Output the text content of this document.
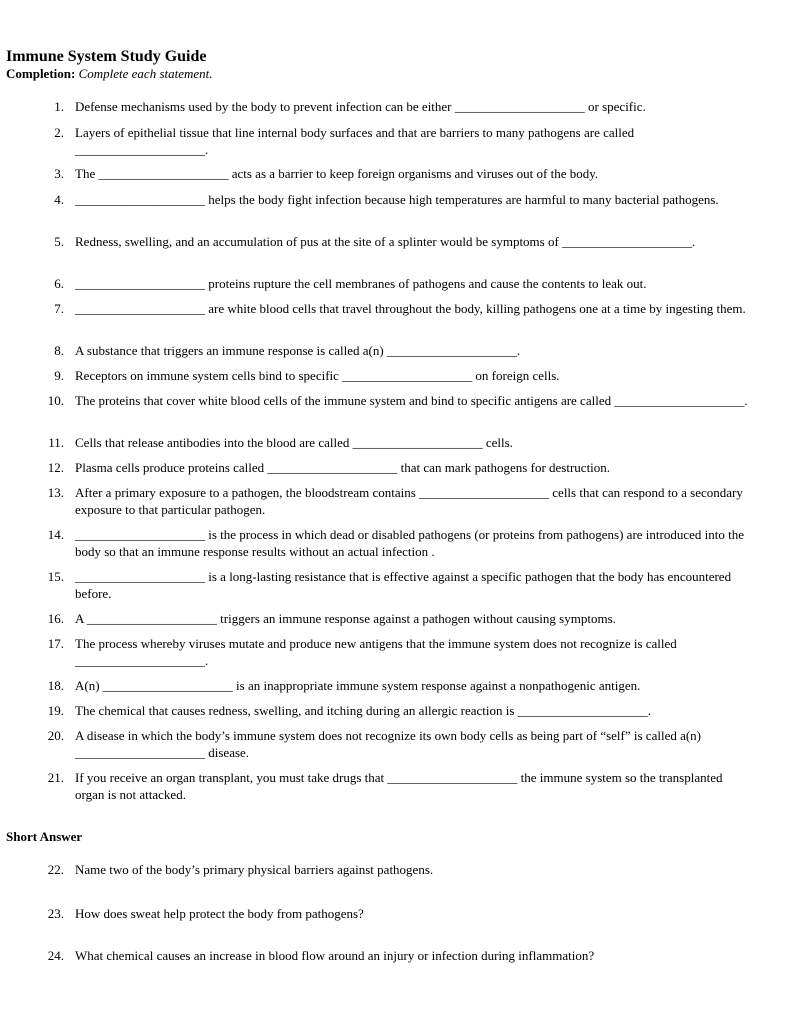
Immune System Study Guide
Completion: Complete each statement.
1. Defense mechanisms used by the body to prevent infection can be either ____________________ or specific.
2. Layers of epithelial tissue that line internal body surfaces and that are barriers to many pathogens are called ____________________.
3. The ____________________ acts as a barrier to keep foreign organisms and viruses out of the body.
4. ____________________ helps the body fight infection because high temperatures are harmful to many bacterial pathogens.
5. Redness, swelling, and an accumulation of pus at the site of a splinter would be symptoms of ____________________.
6. ____________________ proteins rupture the cell membranes of pathogens and cause the contents to leak out.
7. ____________________ are white blood cells that travel throughout the body, killing pathogens one at a time by ingesting them.
8. A substance that triggers an immune response is called a(n) ____________________.
9. Receptors on immune system cells bind to specific ____________________ on foreign cells.
10. The proteins that cover white blood cells of the immune system and bind to specific antigens are called ____________________.
11. Cells that release antibodies into the blood are called ____________________ cells.
12. Plasma cells produce proteins called ____________________ that can mark pathogens for destruction.
13. After a primary exposure to a pathogen, the bloodstream contains ____________________ cells that can respond to a secondary exposure to that particular pathogen.
14. ____________________ is the process in which dead or disabled pathogens (or proteins from pathogens) are introduced into the body so that an immune response results without an actual infection .
15. ____________________ is a long-lasting resistance that is effective against a specific pathogen that the body has encountered before.
16. A ____________________ triggers an immune response against a pathogen without causing symptoms.
17. The process whereby viruses mutate and produce new antigens that the immune system does not recognize is called ____________________.
18. A(n) ____________________ is an inappropriate immune system response against a nonpathogenic antigen.
19. The chemical that causes redness, swelling, and itching during an allergic reaction is ____________________.
20. A disease in which the body’s immune system does not recognize its own body cells as being part of “self” is called a(n) ____________________ disease.
21. If you receive an organ transplant, you must take drugs that ____________________ the immune system so the transplanted organ is not attacked.
Short Answer
22. Name two of the body’s primary physical barriers against pathogens.
23. How does sweat help protect the body from pathogens?
24. What chemical causes an increase in blood flow around an injury or infection during inflammation?
